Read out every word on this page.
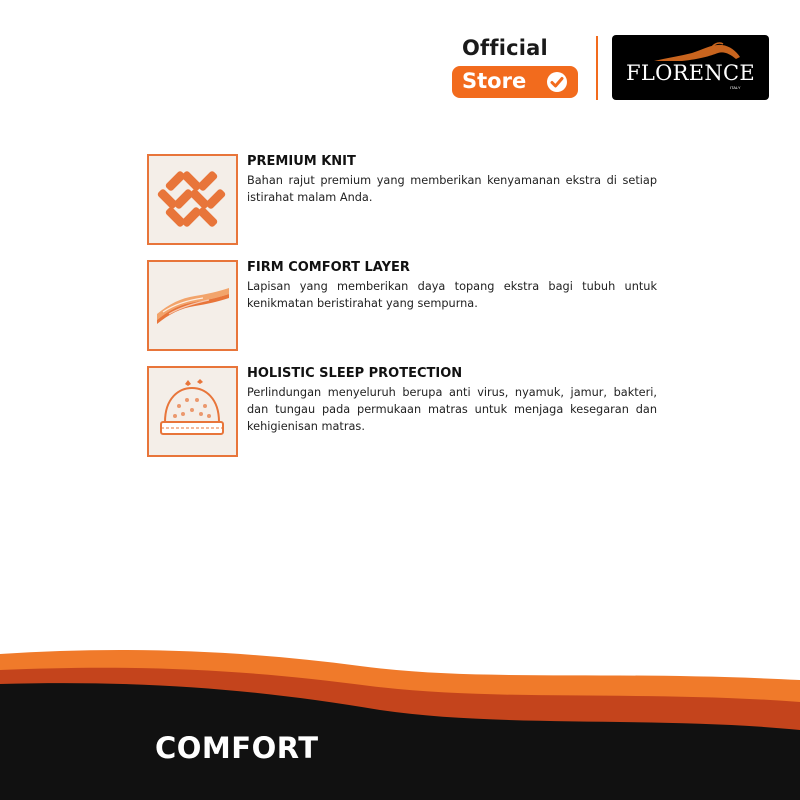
Official
Store	FLORENCE
ITALY
PREMIUM KNIT
Bahan rajut premium yang memberikan kenyamanan ekstra di setiap istirahat malam Anda.
FIRM COMFORT LAYER
Lapisan yang memberikan daya topang ekstra bagi tubuh untuk kenikmatan beristirahat yang sempurna.
HOLISTIC SLEEP PROTECTION
Perlindungan menyeluruh berupa anti virus, nyamuk, jamur, bakteri, dan tungau pada permukaan matras untuk menjaga kesegaran dan kehigienisan matras.
COMFORT
